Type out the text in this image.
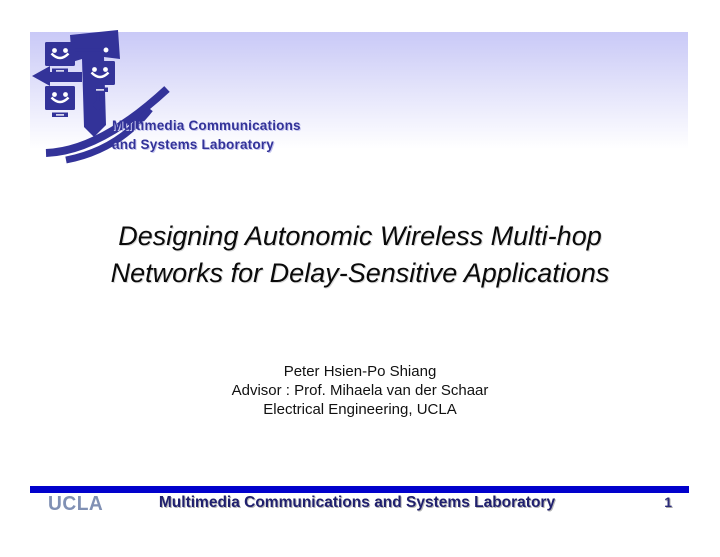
Multimedia Communications
and Systems Laboratory
Designing Autonomic Wireless Multi-hop
Networks for Delay-Sensitive Applications
Peter Hsien-Po Shiang
Advisor : Prof. Mihaela van der Schaar
Electrical Engineering, UCLA
UCLA	Multimedia Communications and Systems Laboratory	1
